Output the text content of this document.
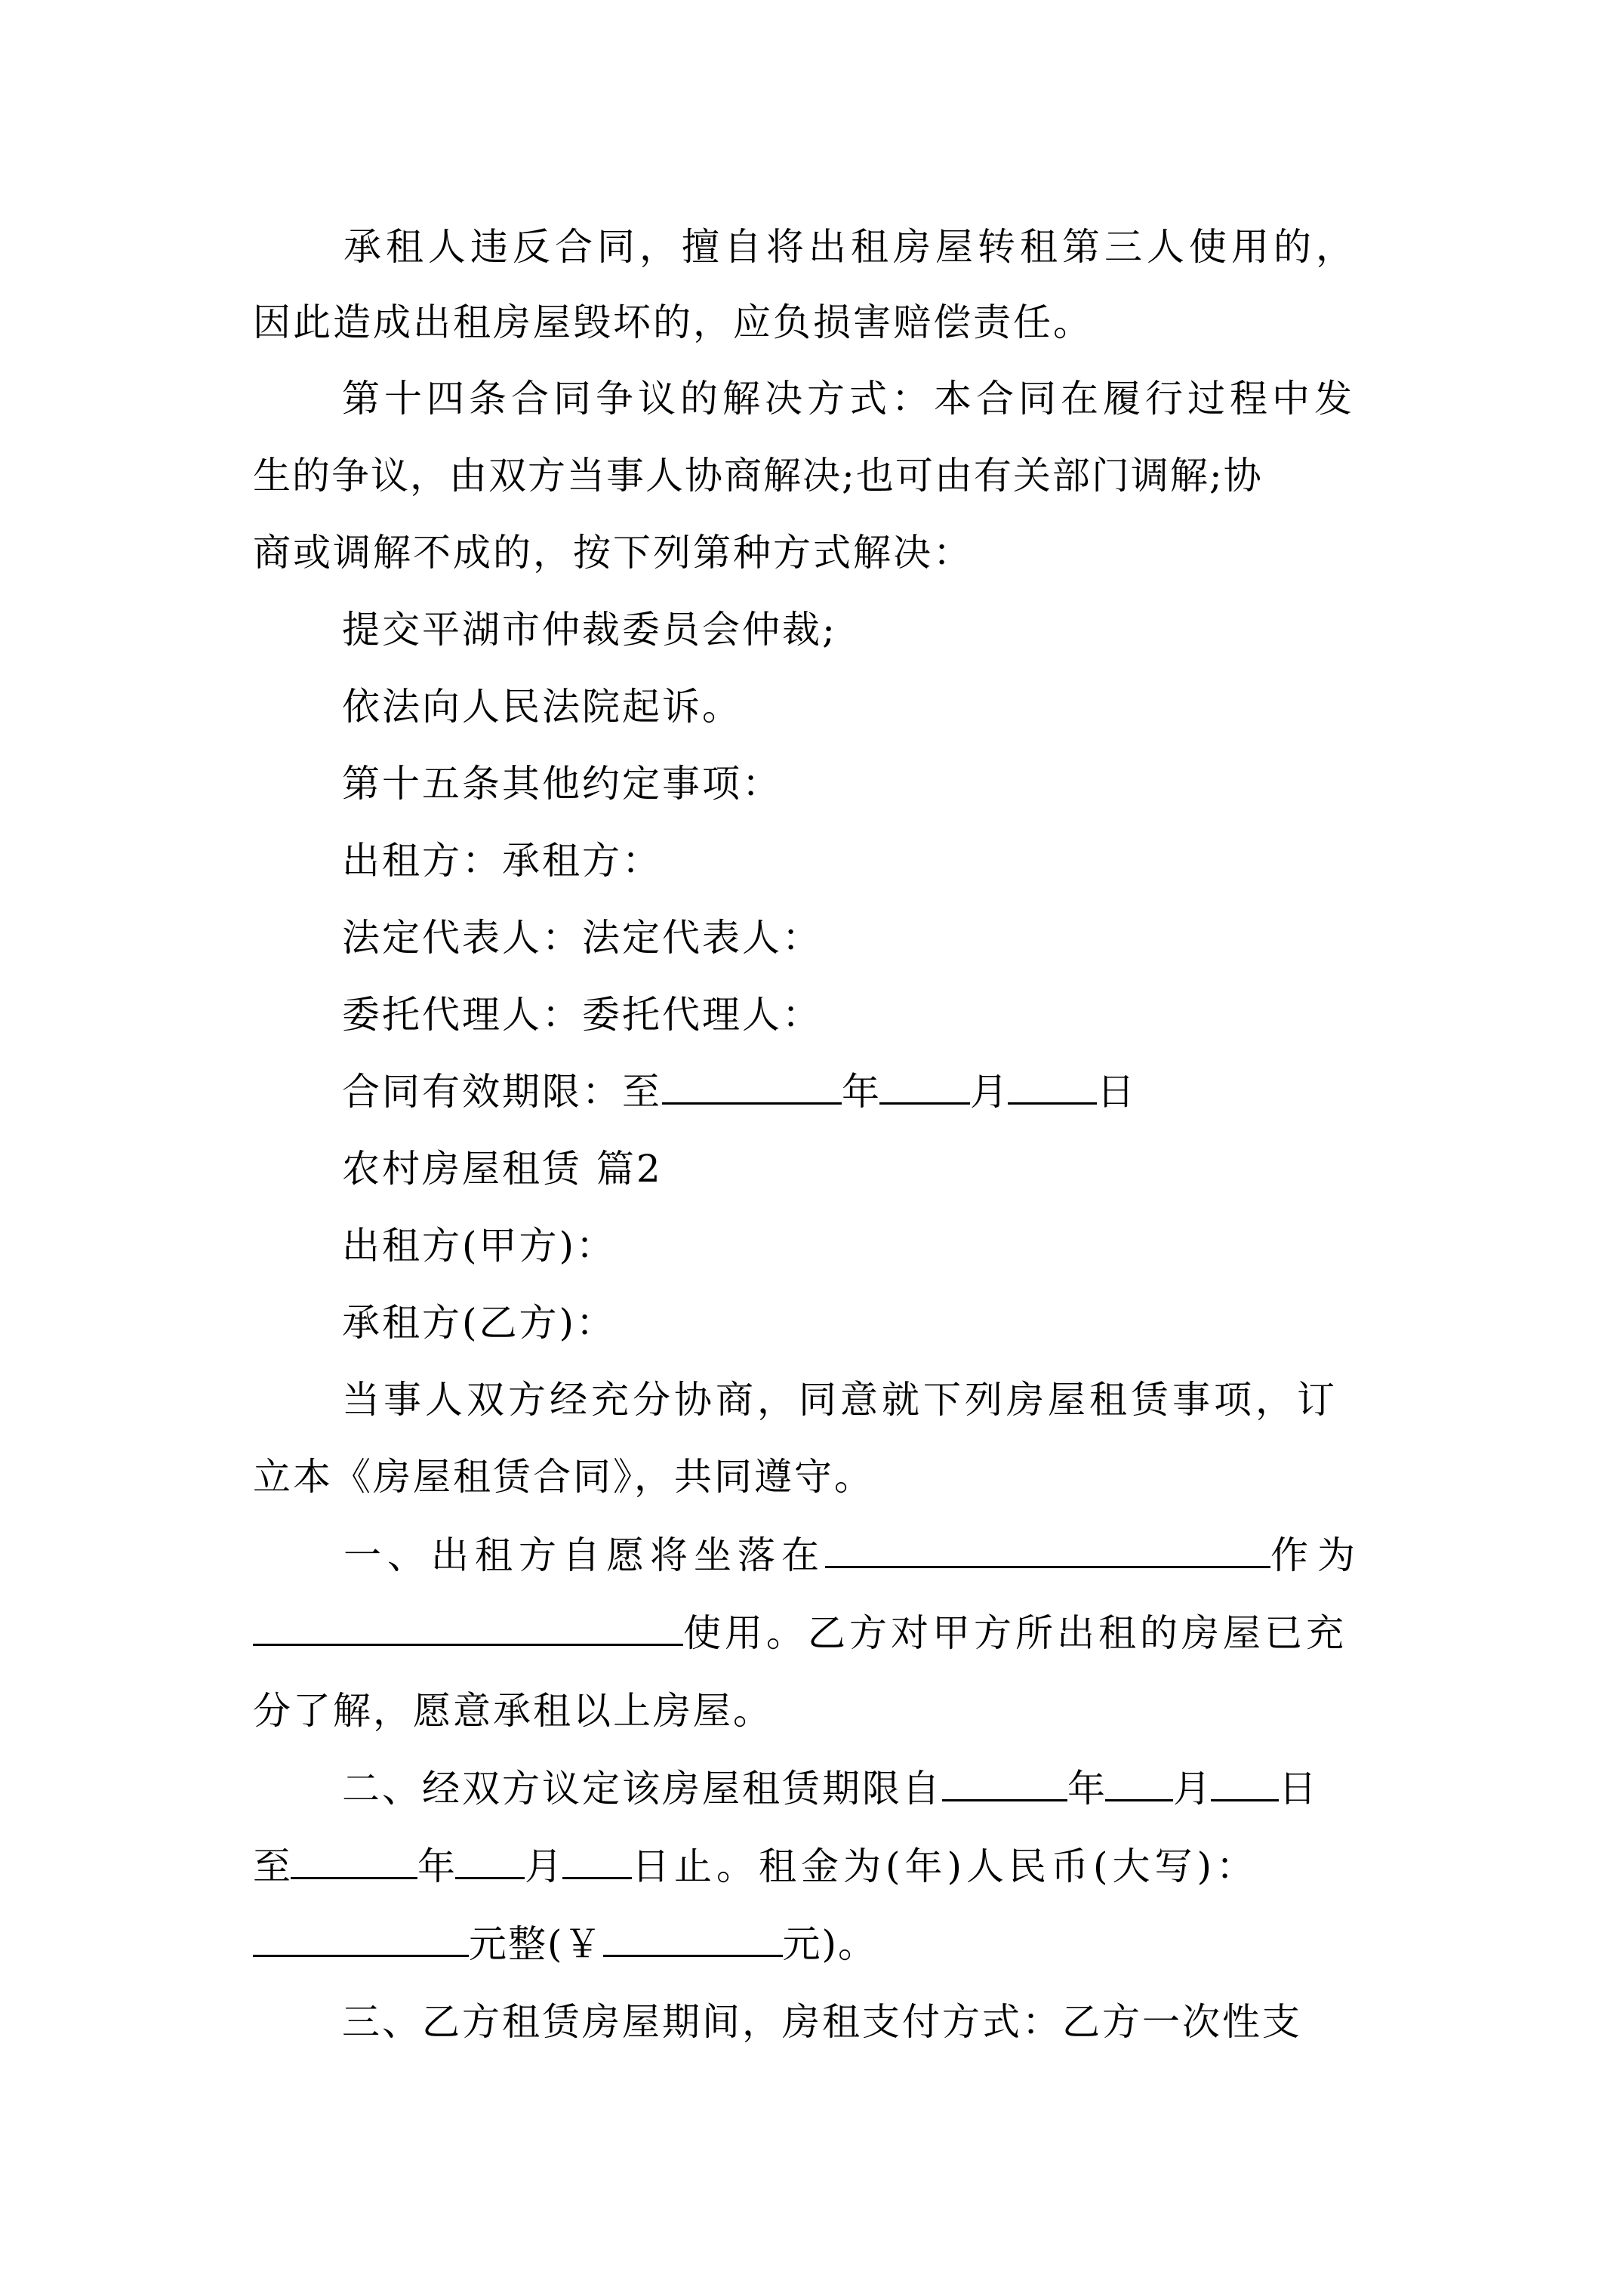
承租人违反合同，擅自将出租房屋转租第三人使用的，
因此造成出租房屋毁坏的，应负损害赔偿责任。
第十四条合同争议的解决方式：本合同在履行过程中发
生的争议，由双方当事人协商解决;也可由有关部门调解;协
商或调解不成的，按下列第种方式解决：
提交平湖市仲裁委员会仲裁;
依法向人民法院起诉。
第十五条其他约定事项：
出租方：承租方：
法定代表人：法定代表人：
委托代理人：委托代理人：
合同有效期限：至	年 月 日
农村房屋租赁 篇2
出租方(甲方)：
承租方(乙方)：
当事人双方经充分协商，同意就下列房屋租赁事项，订
立本《房屋租赁合同》，共同遵守。
一、出租方自愿将坐落在	作为
使用。乙方对甲方所出租的房屋已充
分了解，愿意承租以上房屋。
二、经双方议定该房屋租赁期限自	年 月 日
至	年 月 日止。租金为(年)人民币(大写)：
元整(￥	元)。
三、乙方租赁房屋期间，房租支付方式：乙方一次性支
